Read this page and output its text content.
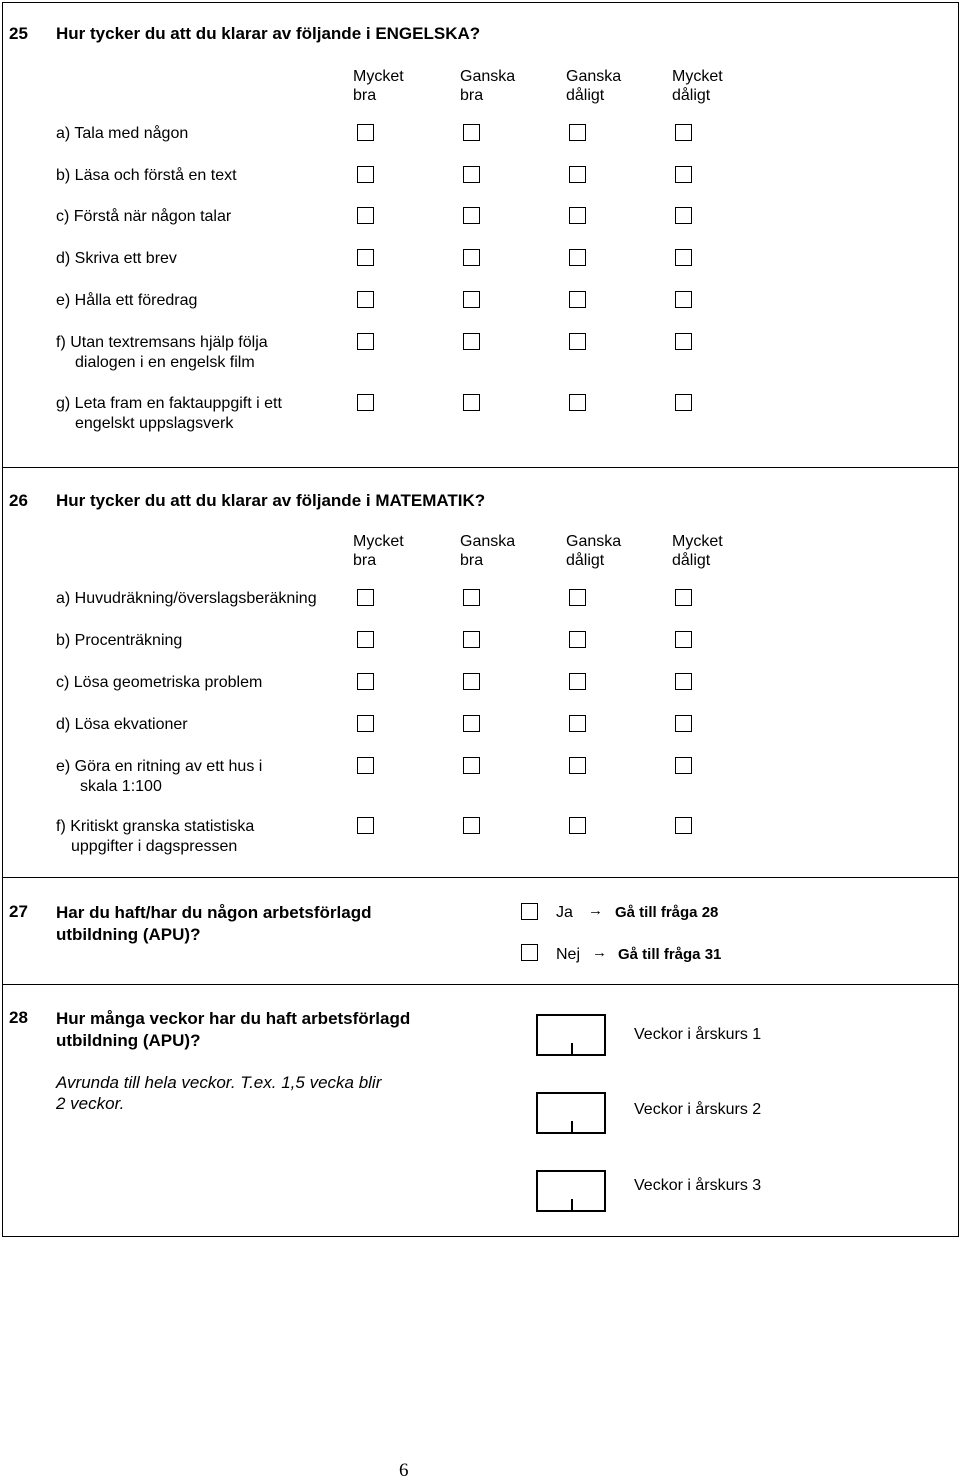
25 Hur tycker du att du klarar av följande i ENGELSKA?
Mycket
bra
Ganska
bra
Ganska
dåligt
Mycket
dåligt
a) Tala med någon
b) Läsa och förstå en text
c) Förstå när någon talar
d) Skriva ett brev
e) Hålla ett föredrag
f) Utan textremsans hjälp följa
dialogen i en engelsk film
g) Leta fram en faktauppgift i ett
engelskt uppslagsverk
26 Hur tycker du att du klarar av följande i MATEMATIK?
Mycket
bra
Ganska
bra
Ganska
dåligt
Mycket
dåligt
a) Huvudräkning/överslagsberäkning
b) Procenträkning
c) Lösa geometriska problem
d) Lösa ekvationer
e) Göra en ritning av ett hus i
skala 1:100
f) Kritiskt granska statistiska
uppgifter i dagspressen
27 Har du haft/har du någon arbetsförlagd
utbildning (APU)?
Ja → Gå till fråga 28
Nej → Gå till fråga 31
28 Hur många veckor har du haft arbetsförlagd
utbildning (APU)?
Avrunda till hela veckor. T.ex. 1,5 vecka blir
2 veckor.
Veckor i årskurs 1
Veckor i årskurs 2
Veckor i årskurs 3
6
